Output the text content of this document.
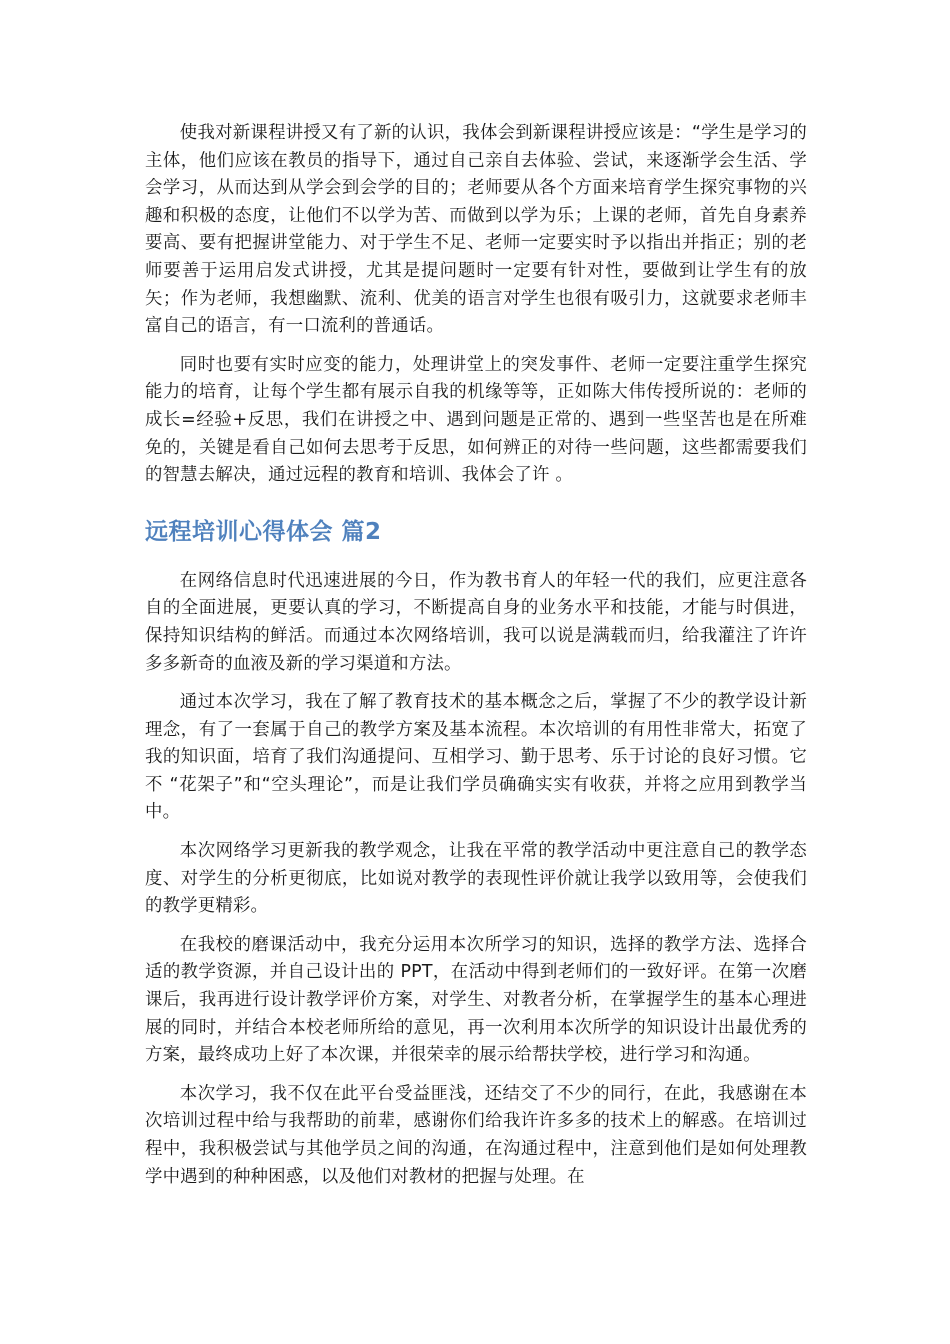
使我对新课程讲授又有了新的认识，我体会到新课程讲授应该是：“学生是学习的主体，他们应该在教员的指导下，通过自己亲自去体验、尝试，来逐渐学会生活、学会学习，从而达到从学会到会学的目的；老师要从各个方面来培育学生探究事物的兴趣和积极的态度，让他们不以学为苦、而做到以学为乐；上课的老师，首先自身素养要高、要有把握讲堂能力、对于学生不足、老师一定要实时予以指出并指正；别的老师要善于运用启发式讲授，尤其是提问题时一定要有针对性，要做到让学生有的放矢；作为老师，我想幽默、流利、优美的语言对学生也很有吸引力，这就要求老师丰富自己的语言，有一口流利的普通话。

同时也要有实时应变的能力，处理讲堂上的突发事件、老师一定要注重学生探究能力的培育，让每个学生都有展示自我的机缘等等，正如陈大伟传授所说的：老师的成长=经验+反思，我们在讲授之中、遇到问题是正常的、遇到一些坚苦也是在所难免的，关键是看自己如何去思考于反思，如何辨正的对待一些问题，这些都需要我们的智慧去解决，通过远程的教育和培训、我体会了许 。

远程培训心得体会 篇2

在网络信息时代迅速进展的今日，作为教书育人的年轻一代的我们，应更注意各自的全面进展，更要认真的学习，不断提高自身的业务水平和技能，才能与时俱进，保持知识结构的鲜活。而通过本次网络培训，我可以说是满载而归，给我灌注了许许多多新奇的血液及新的学习渠道和方法。

通过本次学习，我在了解了教育技术的基本概念之后，掌握了不少的教学设计新理念，有了一套属于自己的教学方案及基本流程。本次培训的有用性非常大，拓宽了我的知识面，培育了我们沟通提问、互相学习、勤于思考、乐于讨论的良好习惯。它不 “花架子”和“空头理论”，而是让我们学员确确实实有收获，并将之应用到教学当中。

本次网络学习更新我的教学观念，让我在平常的教学活动中更注意自己的教学态度、对学生的分析更彻底，比如说对教学的表现性评价就让我学以致用等，会使我们的教学更精彩。

在我校的磨课活动中，我充分运用本次所学习的知识，选择的教学方法、选择合适的教学资源，并自己设计出的 PPT，在活动中得到老师们的一致好评。在第一次磨课后，我再进行设计教学评价方案，对学生、对教者分析，在掌握学生的基本心理进展的同时，并结合本校老师所给的意见，再一次利用本次所学的知识设计出最优秀的方案，最终成功上好了本次课，并很荣幸的展示给帮扶学校，进行学习和沟通。

本次学习，我不仅在此平台受益匪浅，还结交了不少的同行，在此，我感谢在本次培训过程中给与我帮助的前辈，感谢你们给我许许多多的技术上的解惑。在培训过程中，我积极尝试与其他学员之间的沟通，在沟通过程中，注意到他们是如何处理教学中遇到的种种困惑，以及他们对教材的把握与处理。在
